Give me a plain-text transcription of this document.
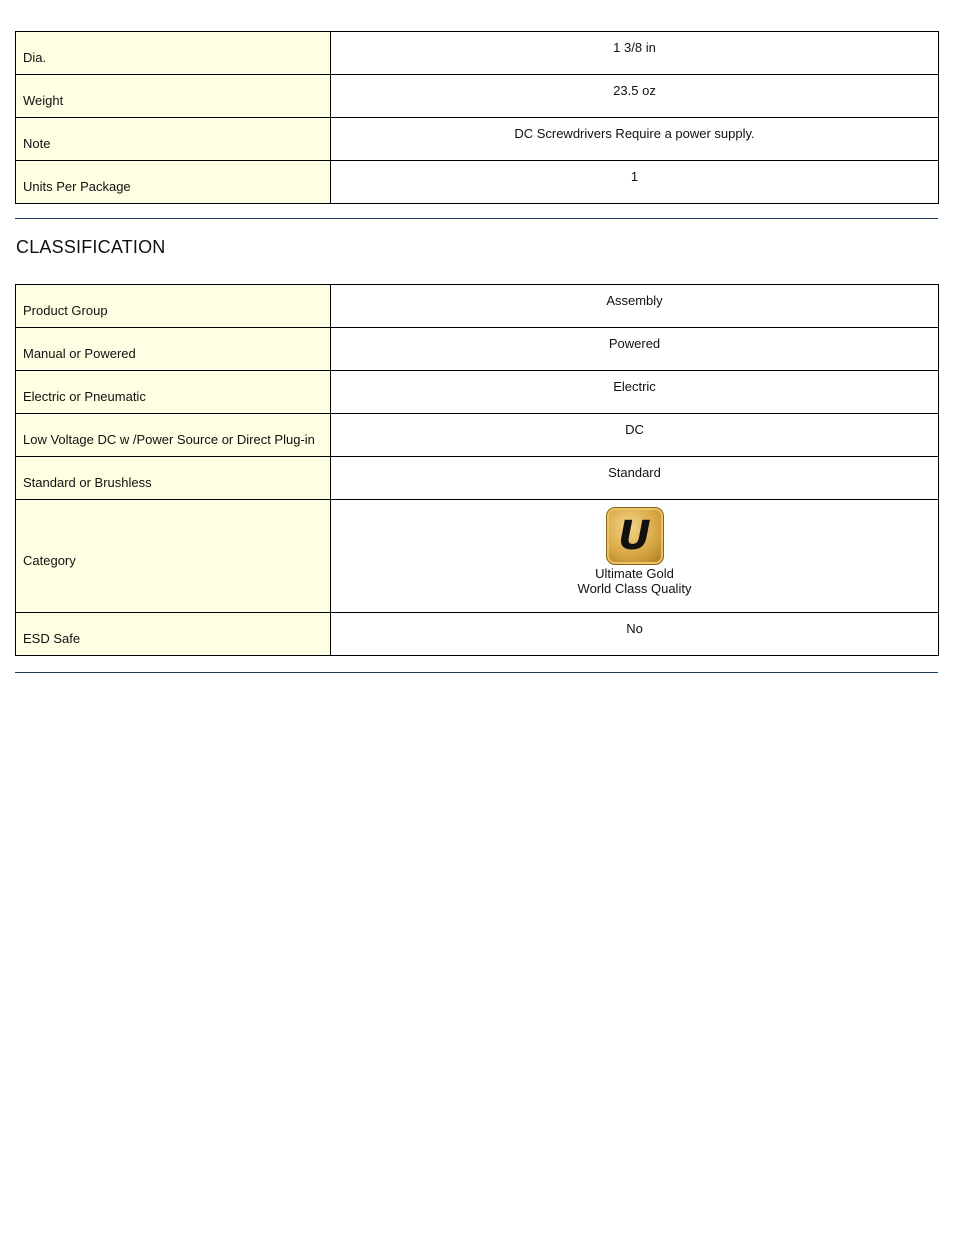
Dia.	1 3/8 in
Weight	23.5 oz
Note	DC Screwdrivers Require a power supply.
Units Per Package	1
CLASSIFICATION
Product Group	Assembly
Manual or Powered	Powered
Electric or Pneumatic	Electric
Low Voltage DC w /Power Source or Direct Plug-in	DC
Standard or Brushless	Standard
Category	U
Ultimate Gold
World Class Quality

ESD Safe	No
